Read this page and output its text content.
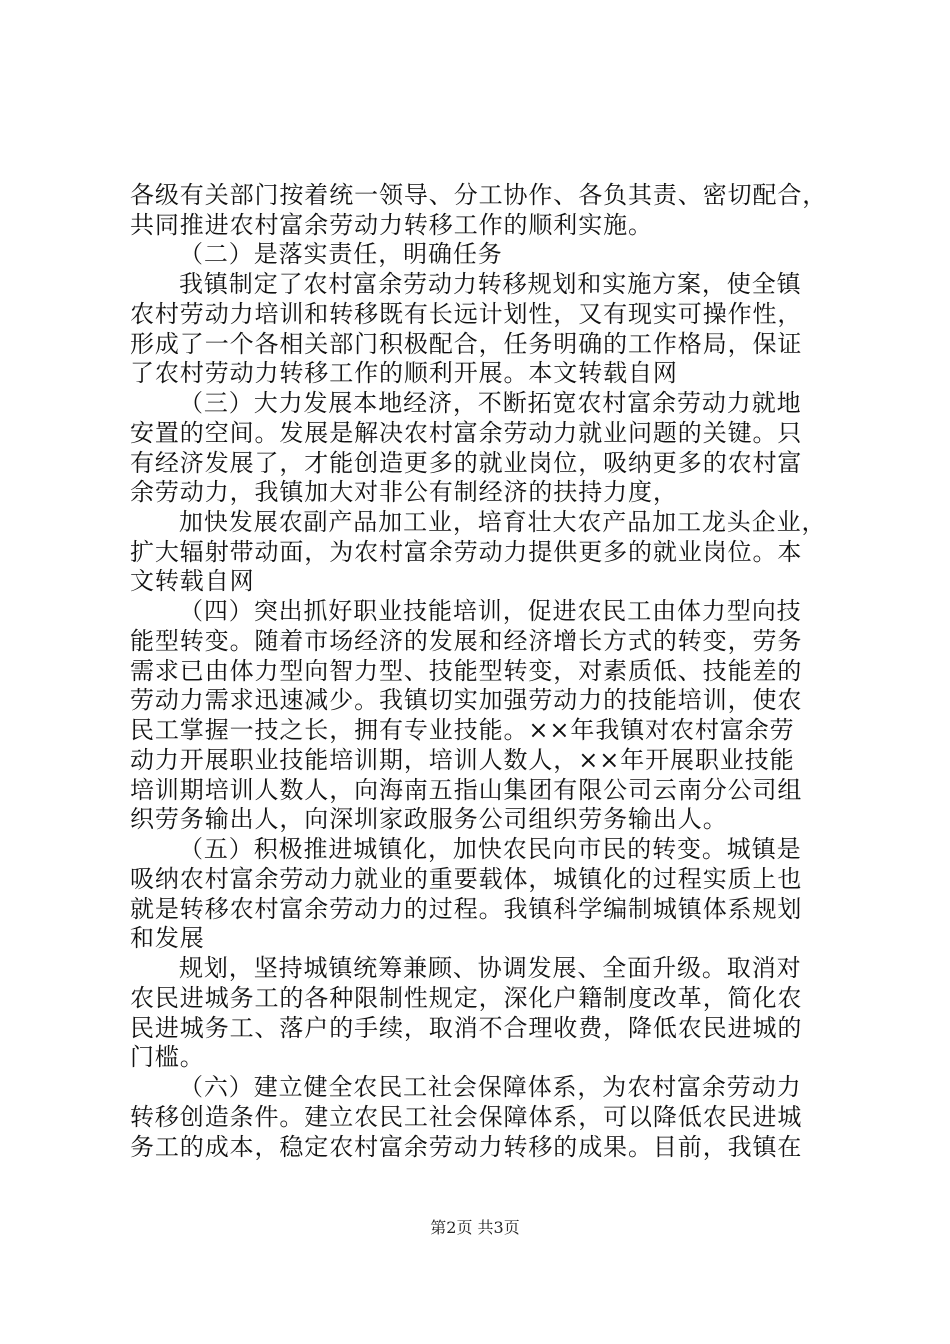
各级有关部门按着统一领导、分工协作、各负其责、密切配合，
共同推进农村富余劳动力转移工作的顺利实施。
（二）是落实责任，明确任务
我镇制定了农村富余劳动力转移规划和实施方案，使全镇
农村劳动力培训和转移既有长远计划性，又有现实可操作性，
形成了一个各相关部门积极配合，任务明确的工作格局，保证
了农村劳动力转移工作的顺利开展。本文转载自网
（三）大力发展本地经济，不断拓宽农村富余劳动力就地
安置的空间。发展是解决农村富余劳动力就业问题的关键。只
有经济发展了，才能创造更多的就业岗位，吸纳更多的农村富
余劳动力，我镇加大对非公有制经济的扶持力度，
加快发展农副产品加工业，培育壮大农产品加工龙头企业，
扩大辐射带动面，为农村富余劳动力提供更多的就业岗位。本
文转载自网
（四）突出抓好职业技能培训，促进农民工由体力型向技
能型转变。随着市场经济的发展和经济增长方式的转变，劳务
需求已由体力型向智力型、技能型转变，对素质低、技能差的
劳动力需求迅速减少。我镇切实加强劳动力的技能培训，使农
民工掌握一技之长，拥有专业技能。××年我镇对农村富余劳
动力开展职业技能培训期，培训人数人，××年开展职业技能
培训期培训人数人，向海南五指山集团有限公司云南分公司组
织劳务输出人，向深圳家政服务公司组织劳务输出人。
（五）积极推进城镇化，加快农民向市民的转变。城镇是
吸纳农村富余劳动力就业的重要载体，城镇化的过程实质上也
就是转移农村富余劳动力的过程。我镇科学编制城镇体系规划
和发展
规划，坚持城镇统筹兼顾、协调发展、全面升级。取消对
农民进城务工的各种限制性规定，深化户籍制度改革，简化农
民进城务工、落户的手续，取消不合理收费，降低农民进城的
门槛。
（六）建立健全农民工社会保障体系，为农村富余劳动力
转移创造条件。建立农民工社会保障体系，可以降低农民进城
务工的成本，稳定农村富余劳动力转移的成果。目前，我镇在
第2页 共3页
